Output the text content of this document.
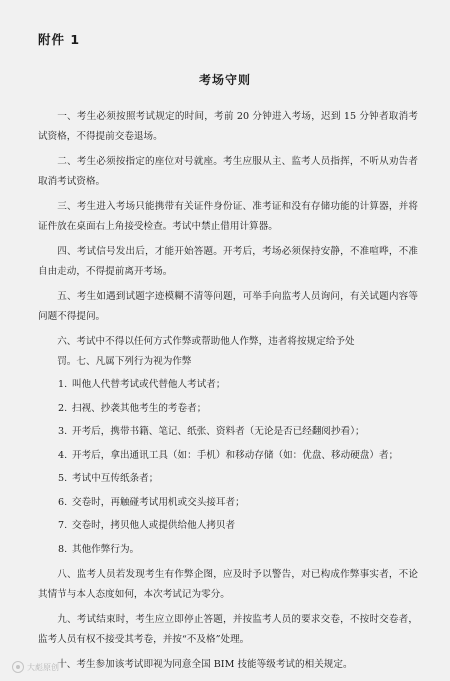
附件 1
考场守则

一、考生必须按照考试规定的时间，考前 20 分钟进入考场，迟到 15 分钟者取消考试资格，不得提前交卷退场。

二、考生必须按指定的座位对号就座。考生应服从主、监考人员指挥，不听从劝告者取消考试资格。

三、考生进入考场只能携带有关证件身份证、准考证和没有存储功能的计算器，并将证件放在桌面右上角接受检查。考试中禁止借用计算器。

四、考试信号发出后，才能开始答题。开考后，考场必须保持安静，不准喧哗，不准自由走动，不得提前离开考场。

五、考生如遇到试题字迹模糊不清等问题，可举手向监考人员询问，有关试题内容等问题不得提问。

六、考试中不得以任何方式作弊或帮助他人作弊，违者将按规定给予处

罚。七、凡属下列行为视为作弊

1. 叫他人代替考试或代替他人考试者；
2. 扫视、抄袭其他考生的考卷者；
3. 开考后，携带书籍、笔记、纸张、资料者（无论是否已经翻阅抄看）；
4. 开考后，拿出通讯工具（如：手机）和移动存储（如：优盘、移动硬盘）者；
5. 考试中互传纸条者；
6. 交卷时，再触碰考试用机或交头接耳者；
7. 交卷时，拷贝他人或提供给他人拷贝者
8. 其他作弊行为。

八、监考人员若发现考生有作弊企图，应及时予以警告，对已构成作弊事实者，不论其情节与本人态度如何，本次考试记为零分。

九、考试结束时，考生应立即停止答题，并按监考人员的要求交卷，不按时交卷者，监考人员有权不接受其考卷，并按“不及格”处理。

十、考生参加该考试即视为同意全国 BIM 技能等级考试的相关规定。

大彪原创
